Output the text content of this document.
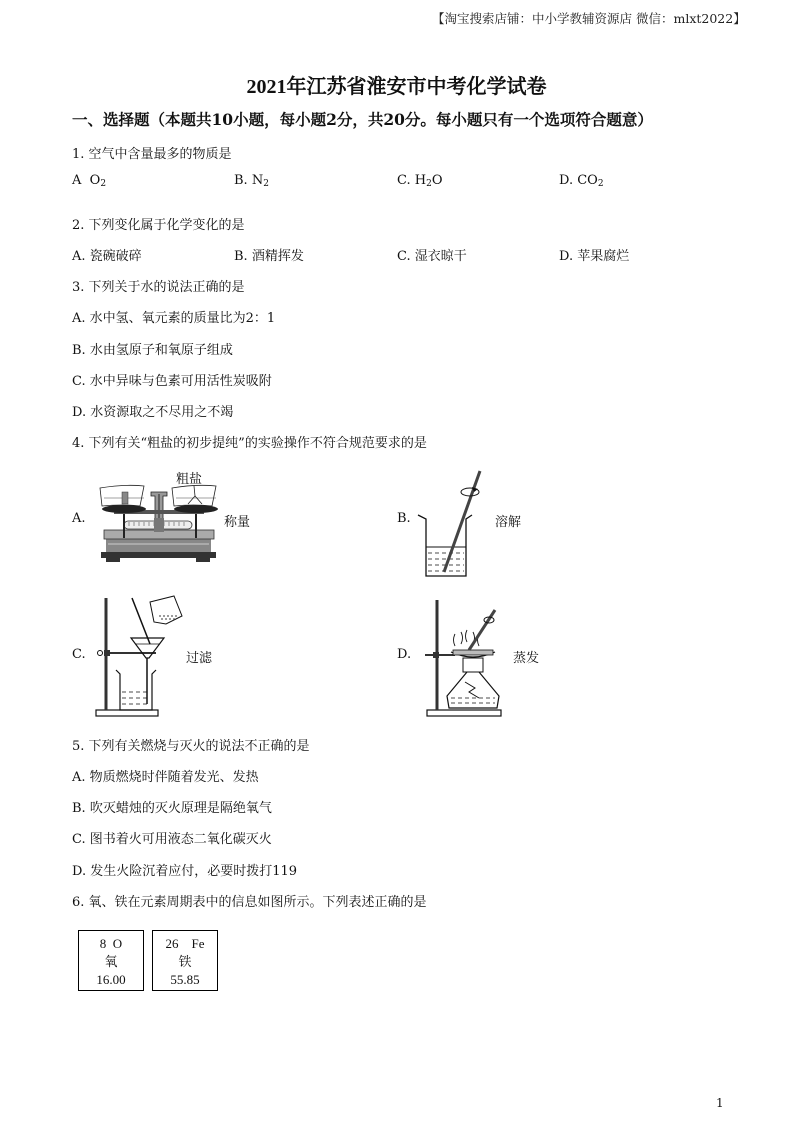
【淘宝搜索店铺：中小学教辅资源店 微信：mlxt2022】
2021年江苏省淮安市中考化学试卷
一、选择题（本题共10小题，每小题2分，共20分。每小题只有一个选项符合题意）
1. 空气中含量最多的物质是
A $O_2$	B. $N_2$	C. $H_2O$	D. $CO_2$
2. 下列变化属于化学变化的是
A. 瓷碗破碎	B. 酒精挥发	C. 湿衣晾干	D. 苹果腐烂
3. 下列关于水的说法正确的是
A. 水中氢、氧元素的质量比为2：1
B. 水由氢原子和氧原子组成
C. 水中异味与色素可用活性炭吸附
D. 水资源取之不尽用之不竭
4. 下列有关“粗盐的初步提纯”的实验操作不符合规范要求的是
A.
粗盐
称量	B.	溶解
C.	过滤	D.	蒸发
5. 下列有关燃烧与灭火的说法不正确的是
A. 物质燃烧时伴随着发光、发热
B. 吹灭蜡烛的灭火原理是隔绝氧气
C. 图书着火可用液态二氧化碳灭火
D. 发生火险沉着应付，必要时拨打119
6. 氧、铁在元素周期表中的信息如图所示。下列表述正确的是
8 O
氧
16.00
26 Fe
铁
55.85
1
